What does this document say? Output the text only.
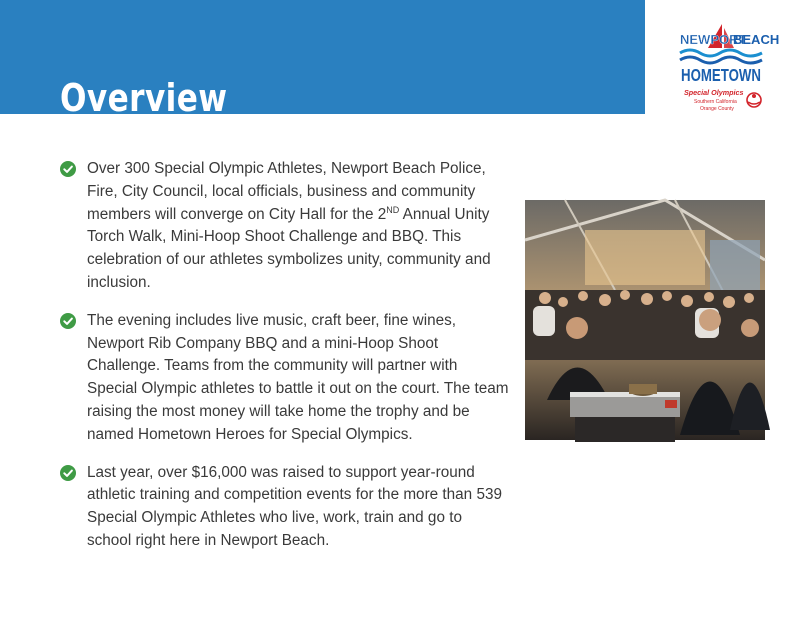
Overview
NEWPORT
BEACH
HOMETOWN
Special Olympics
Southern California
Orange County
Over 300 Special Olympic Athletes, Newport Beach Police, Fire, City Council, local officials, business and community members will converge on City Hall for the 2ND Annual Unity Torch Walk, Mini-Hoop Shoot Challenge and BBQ. This celebration of our athletes symbolizes unity, community and inclusion.
The evening includes live music, craft beer, fine wines, Newport Rib Company BBQ and a mini-Hoop Shoot Challenge. Teams from the community will partner with Special Olympic athletes to battle it out on the court. The team raising the most money will take home the trophy and be named Hometown Heroes for Special Olympics.
Last year, over $16,000 was raised to support year-round athletic training and competition events for the more than 539 Special Olympic Athletes who live, work, train and go to school right here in Newport Beach.
